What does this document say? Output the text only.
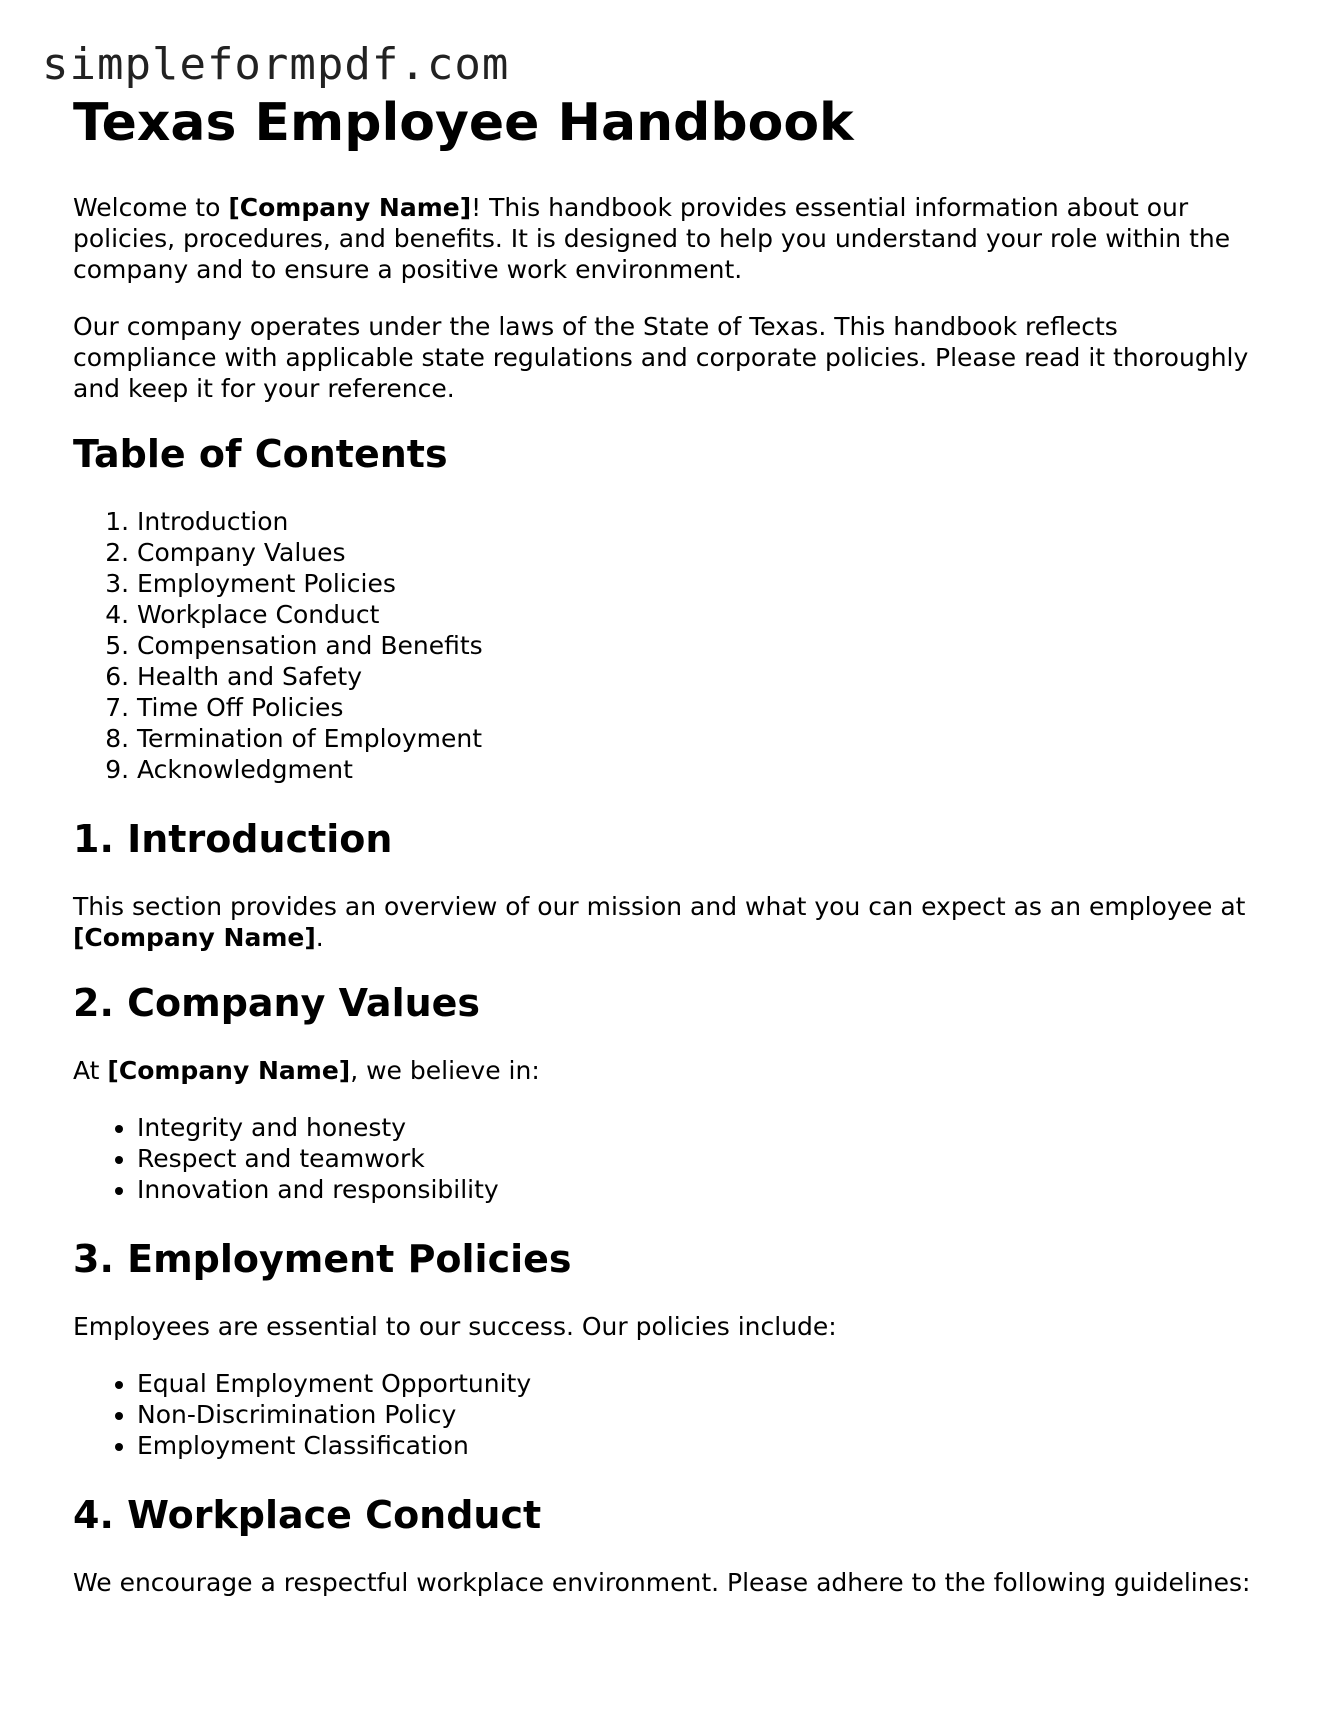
simpleformpdf.com
Texas Employee Handbook

Welcome to [Company Name]! This handbook provides essential information about our policies, procedures, and benefits. It is designed to help you understand your role within the company and to ensure a positive work environment.

Our company operates under the laws of the State of Texas. This handbook reflects compliance with applicable state regulations and corporate policies. Please read it thoroughly and keep it for your reference.

Table of Contents
1. Introduction
2. Company Values
3. Employment Policies
4. Workplace Conduct
5. Compensation and Benefits
6. Health and Safety
7. Time Off Policies
8. Termination of Employment
9. Acknowledgment
1. Introduction

This section provides an overview of our mission and what you can expect as an employee at [Company Name].

2. Company Values

At [Company Name], we believe in:

• Integrity and honesty
• Respect and teamwork
• Innovation and responsibility
3. Employment Policies

Employees are essential to our success. Our policies include:

• Equal Employment Opportunity
• Non-Discrimination Policy
• Employment Classification
4. Workplace Conduct

We encourage a respectful workplace environment. Please adhere to the following guidelines:
